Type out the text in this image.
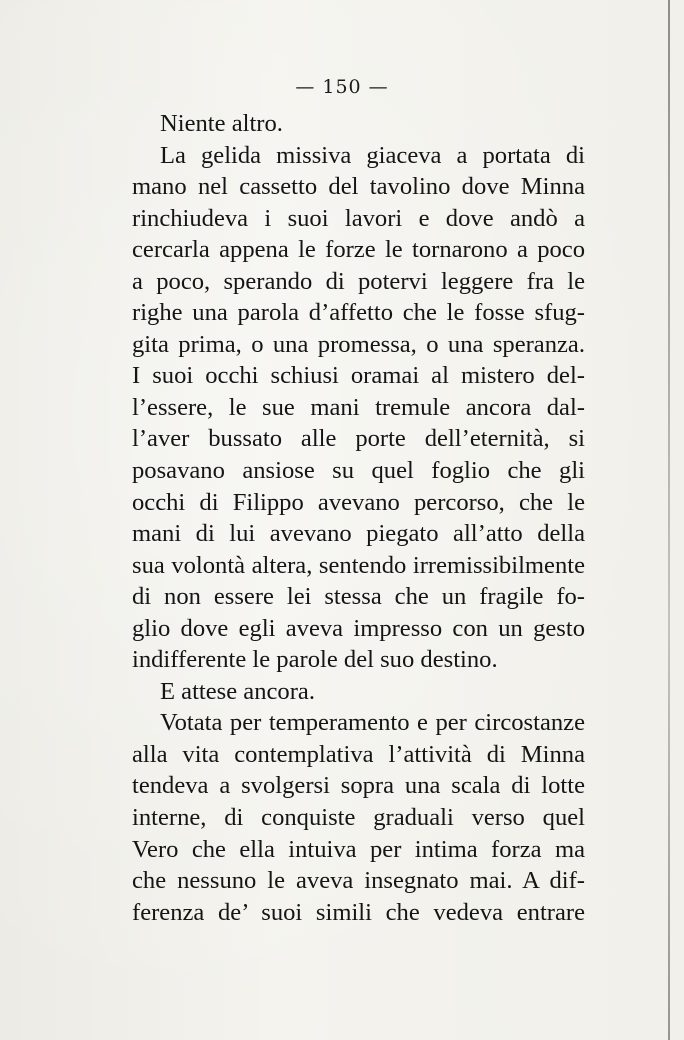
— 150 —
Niente altro.
La gelida missiva giaceva a portata di
mano nel cassetto del tavolino dove Minna
rinchiudeva i suoi lavori e dove andò a
cercarla appena le forze le tornarono a poco
a poco, sperando di potervi leggere fra le
righe una parola d’affetto che le fosse sfug-
gita prima, o una promessa, o una speranza.
I suoi occhi schiusi oramai al mistero del-
l’essere, le sue mani tremule ancora dal-
l’aver bussato alle porte dell’eternità, si
posavano ansiose su quel foglio che gli
occhi di Filippo avevano percorso, che le
mani di lui avevano piegato all’atto della
sua volontà altera, sentendo irremissibilmente
di non essere lei stessa che un fragile fo-
glio dove egli aveva impresso con un gesto
indifferente le parole del suo destino.
E attese ancora.
Votata per temperamento e per circostanze
alla vita contemplativa l’attività di Minna
tendeva a svolgersi sopra una scala di lotte
interne, di conquiste graduali verso quel
Vero che ella intuiva per intima forza ma
che nessuno le aveva insegnato mai. A dif-
ferenza de’ suoi simili che vedeva entrare
